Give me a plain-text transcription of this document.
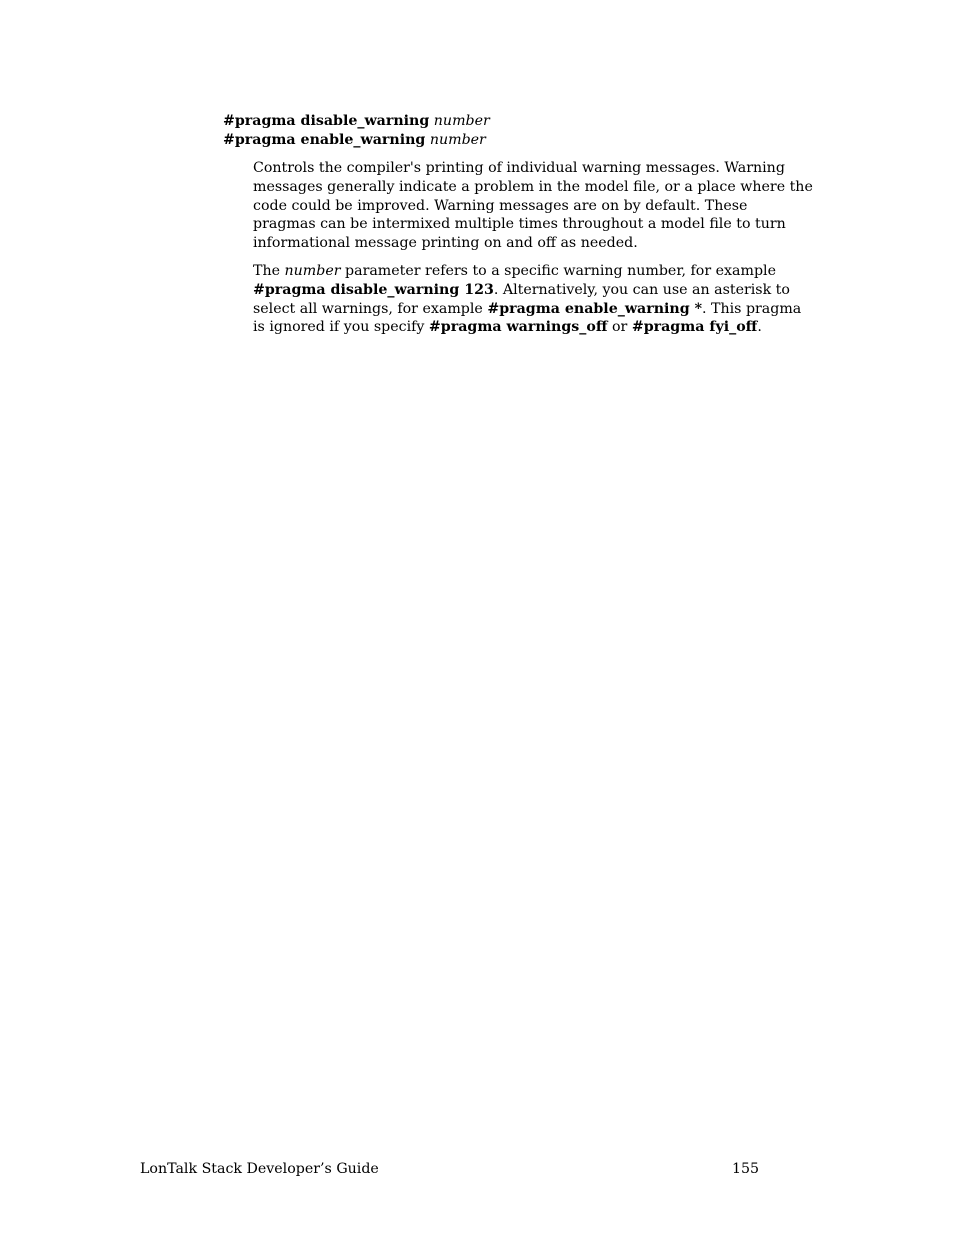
#pragma disable_warning number
#pragma enable_warning number
Controls the compiler's printing of individual warning messages. Warning
messages generally indicate a problem in the model file, or a place where the
code could be improved. Warning messages are on by default. These
pragmas can be intermixed multiple times throughout a model file to turn
informational message printing on and off as needed.
The number parameter refers to a specific warning number, for example
#pragma disable_warning 123. Alternatively, you can use an asterisk to
select all warnings, for example #pragma enable_warning *. This pragma
is ignored if you specify #pragma warnings_off or #pragma fyi_off.
LonTalk Stack Developer’s Guide	155
